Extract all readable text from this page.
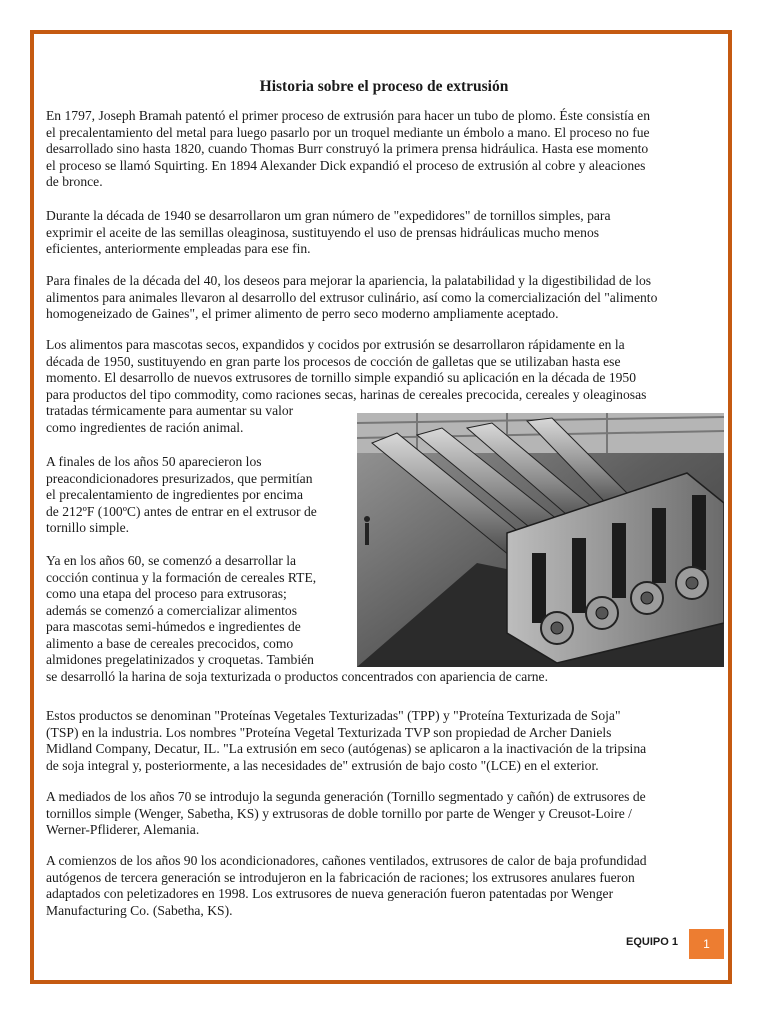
Historia sobre el proceso de extrusión
En 1797, Joseph Bramah patentó el primer proceso de extrusión para hacer un tubo de plomo. Éste consistía en
el precalentamiento del metal para luego pasarlo por un troquel mediante un émbolo a mano. El proceso no fue
desarrollado sino hasta 1820, cuando Thomas Burr construyó la primera prensa hidráulica. Hasta ese momento
el proceso se llamó Squirting. En 1894 Alexander Dick expandió el proceso de extrusión al cobre y aleaciones
de bronce.
Durante la década de 1940 se desarrollaron um gran número de "expedidores" de tornillos simples, para
exprimir el aceite de las semillas oleaginosa, sustituyendo el uso de prensas hidráulicas mucho menos
eficientes, anteriormente empleadas para ese fin.
Para finales de la década del 40, los deseos para mejorar la apariencia, la palatabilidad y la digestibilidad de los
alimentos para animales llevaron al desarrollo del extrusor culinário, así como la comercialización del "alimento
homogeneizado de Gaines", el primer alimento de perro seco moderno ampliamente aceptado.
Los alimentos para mascotas secos, expandidos y cocidos por extrusión se desarrollaron rápidamente en la
década de 1950, sustituyendo en gran parte los procesos de cocción de galletas que se utilizaban hasta ese
momento. El desarrollo de nuevos extrusores de tornillo simple expandió su aplicación en la década de 1950
para productos del tipo commodity, como raciones secas, harinas de cereales precocida, cereales y oleaginosas
tratadas térmicamente para aumentar su valor
como ingredientes de ración animal.
A finales de los años 50 aparecieron los
preacondicionadores presurizados, que permitían
el precalentamiento de ingredientes por encima
de 212ºF (100ºC) antes de entrar en el extrusor de
tornillo simple.
Ya en los años 60, se comenzó a desarrollar la
cocción continua y la formación de cereales RTE,
como una etapa del proceso para extrusoras;
además se comenzó a comercializar alimentos
para mascotas semi-húmedos e ingredientes de
alimento a base de cereales precocidos, como
almidones pregelatinizados y croquetas. También
se desarrolló la harina de soja texturizada o productos concentrados con apariencia de carne.
Estos productos se denominan "Proteínas Vegetales Texturizadas" (TPP) y "Proteína Texturizada de Soja"
(TSP) en la industria. Los nombres "Proteína Vegetal Texturizada TVP son propiedad de Archer Daniels
Midland Company, Decatur, IL. "La extrusión em seco (autógenas) se aplicaron a la inactivación de la tripsina
de soja integral y, posteriormente, a las necesidades de" extrusión de bajo costo "(LCE) en el exterior.
A mediados de los años 70 se introdujo la segunda generación (Tornillo segmentado y cañón) de extrusores de
tornillos simple (Wenger, Sabetha, KS) y extrusoras de doble tornillo por parte de Wenger y Creusot-Loire /
Werner-Pfliderer, Alemania.
A comienzos de los años 90 los acondicionadores, cañones ventilados, extrusores de calor de baja profundidad
autógenos de tercera generación se introdujeron en la fabricación de raciones; los extrusores anulares fueron
adaptados con peletizadores en 1998. Los extrusores de nueva generación fueron patentadas por Wenger
Manufacturing Co. (Sabetha, KS).
EQUIPO 1	1
